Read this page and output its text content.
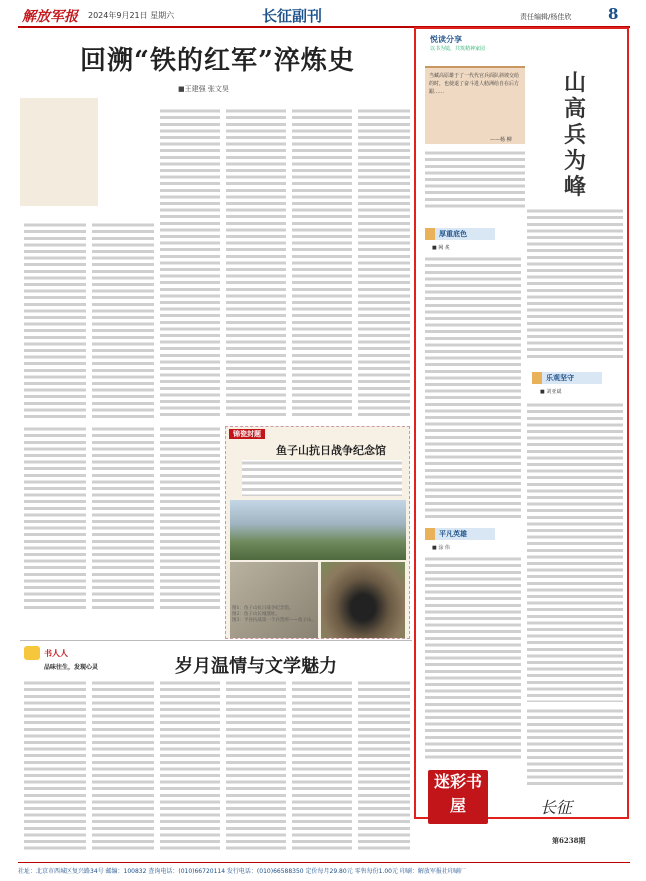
解放军报 2024年9月21日 星期六	长征副刊	责任编辑/杨佳欣 8
回溯“铁的红军”淬炼史
■王建强 张文昊
锦瓷封题
鱼子山抗日战争纪念馆
图1：鱼子山抗日战争纪念馆。
图2：鱼子山长城遗址。
图3：平谷抗战第一个兵营所——鱼子山。
书人人
品味往生，发现心灵	岁月温情与文学魅力
悦读分享
以书为镜，共筑精神家园
当藏高原雄于了一代代官兵面队斜坡交给的时，也使退了奋斗进人舫洲给自在后方跟……
——杨 柳
山高兵为峰
厚重底色
■ 阙 炙
乐观坚守
■ 刘亚斌
平凡英雄
■ 涂 伟
迷彩书屋	长征
第6238期
社址：北京市西城区复兴路34号 邮编：100832 查询电话：(010)66720114 发行电话：(010)66588350 定价每月29.80元 零售每份1.00元 印刷：解放军报社印刷厂
